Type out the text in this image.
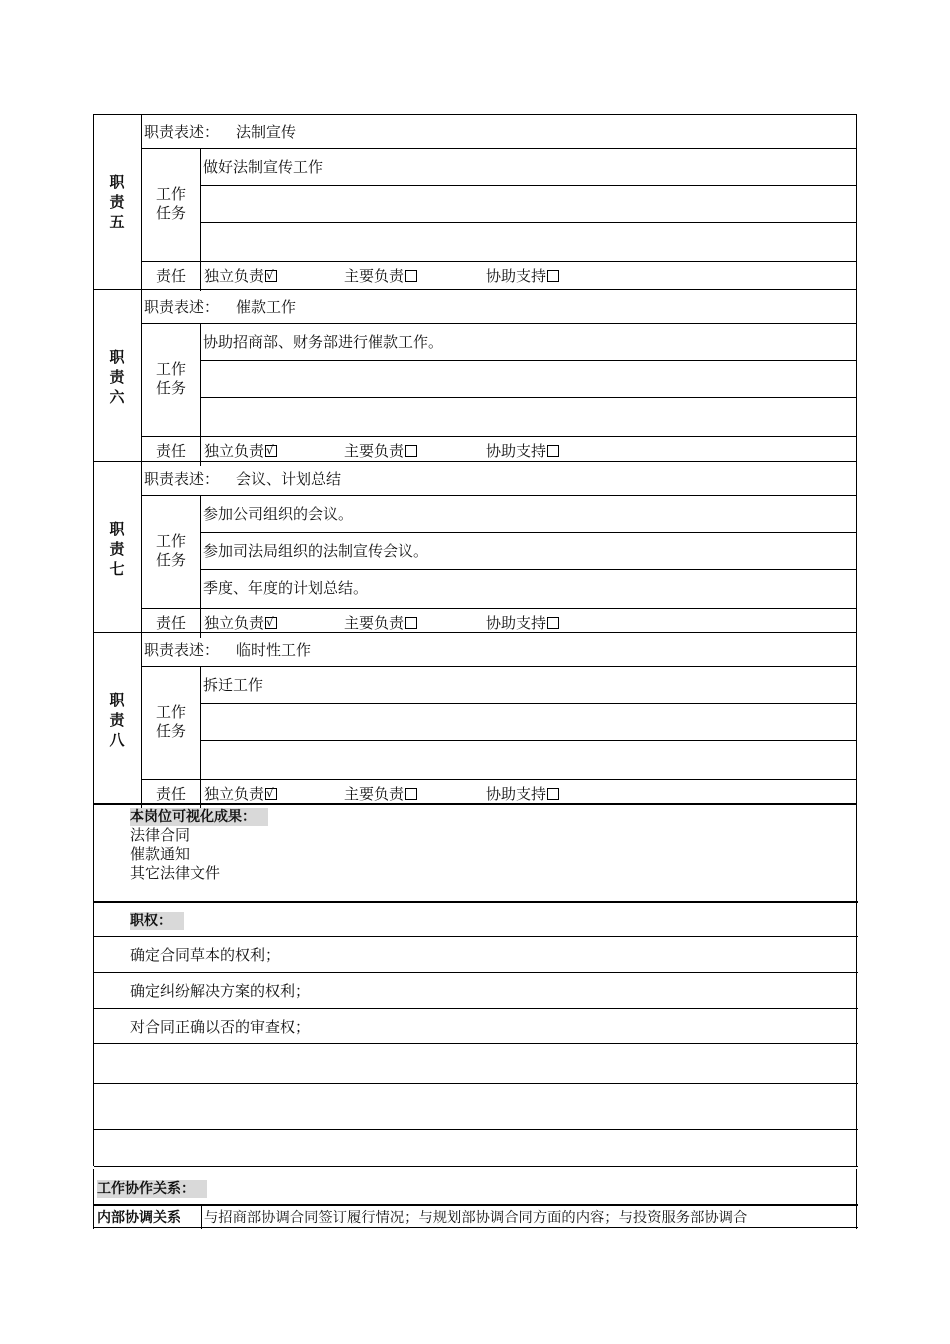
职
责
五
职责表述： 法制宣传
工作
任务
做好法制宣传工作
责任 独立负责 √	主要负责	协助支持
职
责
六
职责表述： 催款工作
工作
任务
协助招商部、财务部进行催款工作。
责任 独立负责 √	主要负责	协助支持
职
责
七
职责表述： 会议、计划总结
工作
任务
参加公司组织的会议。
参加司法局组织的法制宣传会议。
季度、年度的计划总结。
责任 独立负责 √	主要负责	协助支持
职
责
八
职责表述： 临时性工作
工作
任务
拆迁工作
责任 独立负责 √	主要负责	协助支持
本岗位可视化成果：
法律合同
催款通知
其它法律文件
职权：
确定合同草本的权利；
确定纠纷解决方案的权利；
对合同正确以否的审查权；
工作协作关系：
内部协调关系 与招商部协调合同签订履行情况；与规划部协调合同方面的内容；与投资服务部协调合
